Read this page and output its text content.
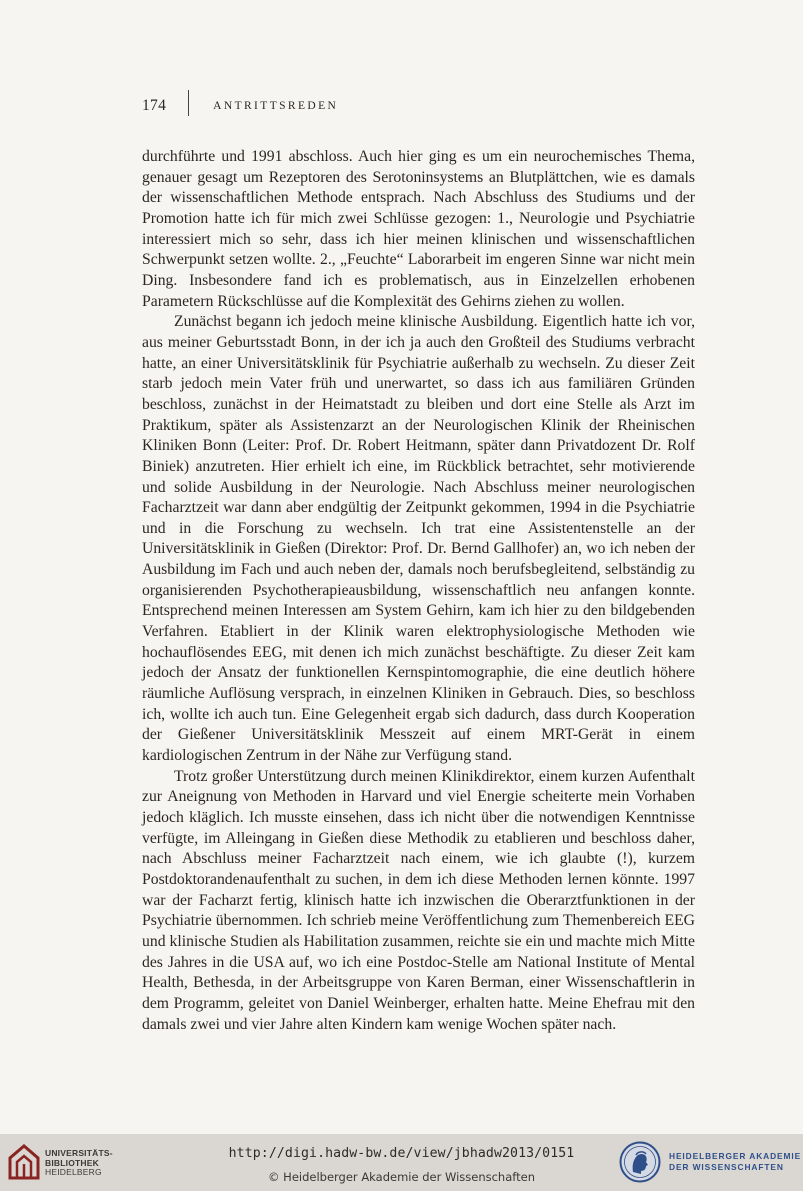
174	ANTRITTSREDEN

durchführte und 1991 abschloss. Auch hier ging es um ein neurochemisches Thema, genauer gesagt um Rezeptoren des Serotoninsystems an Blutplättchen, wie es damals der wissenschaftlichen Methode entsprach. Nach Abschluss des Studiums und der Promotion hatte ich für mich zwei Schlüsse gezogen: 1., Neurologie und Psychiatrie interessiert mich so sehr, dass ich hier meinen klinischen und wissenschaftlichen Schwerpunkt setzen wollte. 2., „Feuchte“ Laborarbeit im engeren Sinne war nicht mein Ding. Insbesondere fand ich es problematisch, aus in Einzelzellen erhobenen Parametern Rückschlüsse auf die Komplexität des Gehirns ziehen zu wollen.

Zunächst begann ich jedoch meine klinische Ausbildung. Eigentlich hatte ich vor, aus meiner Geburtsstadt Bonn, in der ich ja auch den Großteil des Studiums verbracht hatte, an einer Universitätsklinik für Psychiatrie außerhalb zu wechseln. Zu dieser Zeit starb jedoch mein Vater früh und unerwartet, so dass ich aus familiären Gründen beschloss, zunächst in der Heimatstadt zu bleiben und dort eine Stelle als Arzt im Praktikum, später als Assistenzarzt an der Neurologischen Klinik der Rheinischen Kliniken Bonn (Leiter: Prof. Dr. Robert Heitmann, später dann Privatdozent Dr. Rolf Biniek) anzutreten. Hier erhielt ich eine, im Rückblick betrachtet, sehr motivierende und solide Ausbildung in der Neurologie. Nach Abschluss meiner neurologischen Facharztzeit war dann aber endgültig der Zeitpunkt gekommen, 1994 in die Psychiatrie und in die Forschung zu wechseln. Ich trat eine Assistentenstelle an der Universitätsklinik in Gießen (Direktor: Prof. Dr. Bernd Gallhofer) an, wo ich neben der Ausbildung im Fach und auch neben der, damals noch berufsbegleitend, selbständig zu organisierenden Psychotherapieausbildung, wissenschaftlich neu anfangen konnte. Entsprechend meinen Interessen am System Gehirn, kam ich hier zu den bildgebenden Verfahren. Etabliert in der Klinik waren elektrophysiologische Methoden wie hochauflösendes EEG, mit denen ich mich zunächst beschäftigte. Zu dieser Zeit kam jedoch der Ansatz der funktionellen Kernspintomographie, die eine deutlich höhere räumliche Auflösung versprach, in einzelnen Kliniken in Gebrauch. Dies, so beschloss ich, wollte ich auch tun. Eine Gelegenheit ergab sich dadurch, dass durch Kooperation der Gießener Universitätsklinik Messzeit auf einem MRT-Gerät in einem kardiologischen Zentrum in der Nähe zur Verfügung stand.

Trotz großer Unterstützung durch meinen Klinikdirektor, einem kurzen Aufenthalt zur Aneignung von Methoden in Harvard und viel Energie scheiterte mein Vorhaben jedoch kläglich. Ich musste einsehen, dass ich nicht über die notwendigen Kenntnisse verfügte, im Alleingang in Gießen diese Methodik zu etablieren und beschloss daher, nach Abschluss meiner Facharztzeit nach einem, wie ich glaubte (!), kurzem Postdoktorandenaufenthalt zu suchen, in dem ich diese Methoden lernen könnte. 1997 war der Facharzt fertig, klinisch hatte ich inzwischen die Oberarztfunktionen in der Psychiatrie übernommen. Ich schrieb meine Veröffentlichung zum Themenbereich EEG und klinische Studien als Habilitation zusammen, reichte sie ein und machte mich Mitte des Jahres in die USA auf, wo ich eine Postdoc-Stelle am National Institute of Mental Health, Bethesda, in der Arbeitsgruppe von Karen Berman, einer Wissenschaftlerin in dem Programm, geleitet von Daniel Weinberger, erhalten hatte. Meine Ehefrau mit den damals zwei und vier Jahre alten Kindern kam wenige Wochen später nach.

UNIVERSITÄTS-
BIBLIOTHEK
HEIDELBERG
http://digi.hadw-bw.de/view/jbhadw2013/0151
© Heidelberger Akademie der Wissenschaften
HEIDELBERGER AKADEMIE
DER WISSENSCHAFTEN
